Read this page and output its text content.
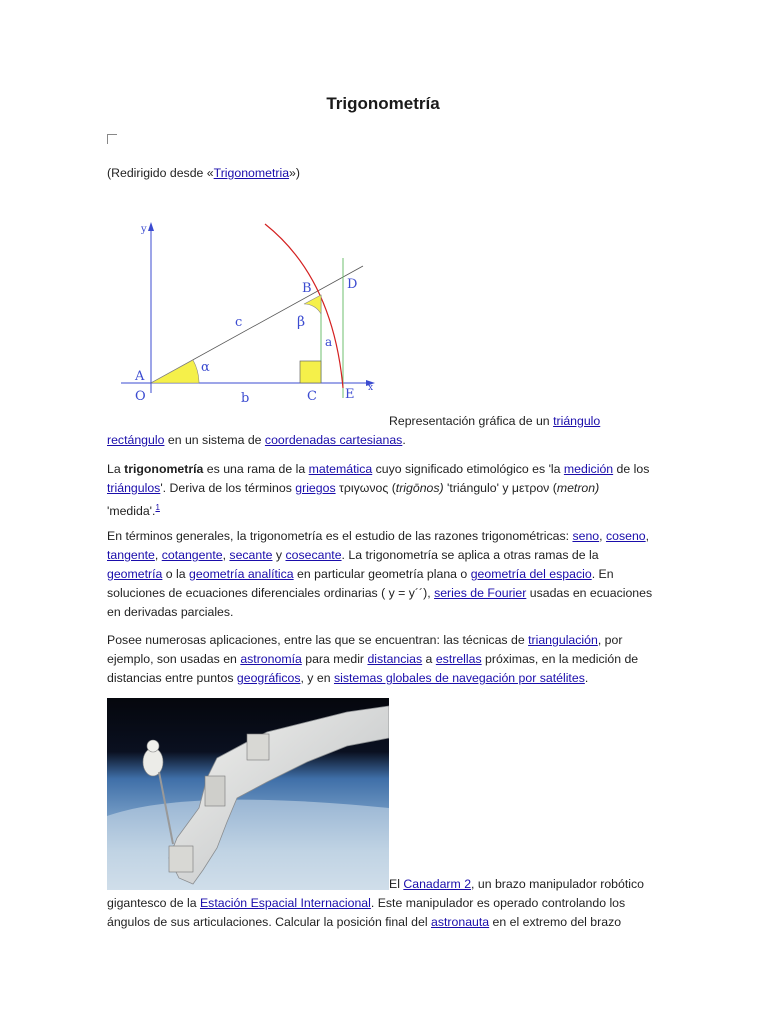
Trigonometría

(Redirigido desde «Trigonometria»)

y
x
A
O
B	D
C E
a
b
c
α
β

Representación gráfica de un triángulo rectángulo en un sistema de coordenadas cartesianas.

La trigonometría es una rama de la matemática cuyo significado etimológico es 'la medición de los triángulos'. Deriva de los términos griegos τριγωνος (trigōnos) 'triángulo' y μετρον (metron) 'medida'.$^1$

En términos generales, la trigonometría es el estudio de las razones trigonométricas: seno, coseno, tangente, cotangente, secante y cosecante. La trigonometría se aplica a otras ramas de la geometría o la geometría analítica en particular geometría plana o geometría del espacio. En soluciones de ecuaciones diferenciales ordinarias ( y = y´´), series de Fourier usadas en ecuaciones en derivadas parciales.

Posee numerosas aplicaciones, entre las que se encuentran: las técnicas de triangulación, por ejemplo, son usadas en astronomía para medir distancias a estrellas próximas, en la medición de distancias entre puntos geográficos, y en sistemas globales de navegación por satélites.

El Canadarm 2, un brazo manipulador robótico gigantesco de la Estación Espacial Internacional. Este manipulador es operado controlando los ángulos de sus articulaciones. Calcular la posición final del astronauta en el extremo del brazo
